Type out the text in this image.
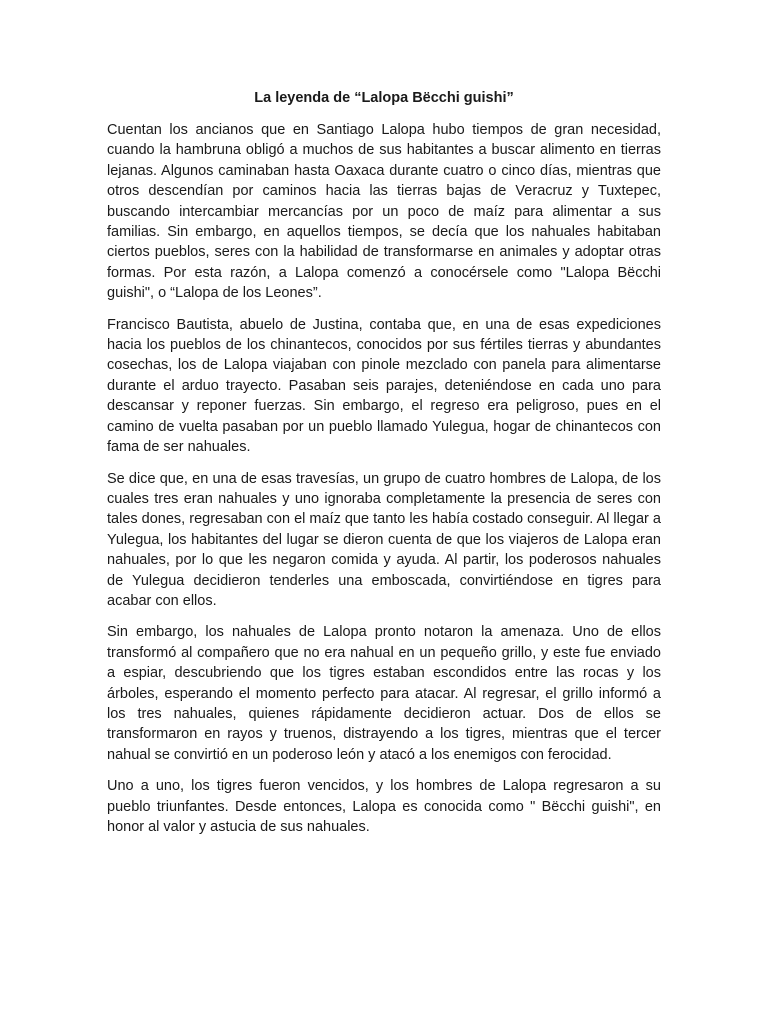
La leyenda de “Lalopa Bëcchi guishi”

Cuentan los ancianos que en Santiago Lalopa hubo tiempos de gran necesidad, cuando la hambruna obligó a muchos de sus habitantes a buscar alimento en tierras lejanas. Algunos caminaban hasta Oaxaca durante cuatro o cinco días, mientras que otros descendían por caminos hacia las tierras bajas de Veracruz y Tuxtepec, buscando intercambiar mercancías por un poco de maíz para alimentar a sus familias. Sin embargo, en aquellos tiempos, se decía que los nahuales habitaban ciertos pueblos, seres con la habilidad de transformarse en animales y adoptar otras formas. Por esta razón, a Lalopa comenzó a conocérsele como "Lalopa Bëcchi guishi", o “Lalopa de los Leones”.

Francisco Bautista, abuelo de Justina, contaba que, en una de esas expediciones hacia los pueblos de los chinantecos, conocidos por sus fértiles tierras y abundantes cosechas, los de Lalopa viajaban con pinole mezclado con panela para alimentarse durante el arduo trayecto. Pasaban seis parajes, deteniéndose en cada uno para descansar y reponer fuerzas. Sin embargo, el regreso era peligroso, pues en el camino de vuelta pasaban por un pueblo llamado Yulegua, hogar de chinantecos con fama de ser nahuales.

Se dice que, en una de esas travesías, un grupo de cuatro hombres de Lalopa, de los cuales tres eran nahuales y uno ignoraba completamente la presencia de seres con tales dones, regresaban con el maíz que tanto les había costado conseguir. Al llegar a Yulegua, los habitantes del lugar se dieron cuenta de que los viajeros de Lalopa eran nahuales, por lo que les negaron comida y ayuda. Al partir, los poderosos nahuales de Yulegua decidieron tenderles una emboscada, convirtiéndose en tigres para acabar con ellos.

Sin embargo, los nahuales de Lalopa pronto notaron la amenaza. Uno de ellos transformó al compañero que no era nahual en un pequeño grillo, y este fue enviado a espiar, descubriendo que los tigres estaban escondidos entre las rocas y los árboles, esperando el momento perfecto para atacar. Al regresar, el grillo informó a los tres nahuales, quienes rápidamente decidieron actuar. Dos de ellos se transformaron en rayos y truenos, distrayendo a los tigres, mientras que el tercer nahual se convirtió en un poderoso león y atacó a los enemigos con ferocidad.

Uno a uno, los tigres fueron vencidos, y los hombres de Lalopa regresaron a su pueblo triunfantes. Desde entonces, Lalopa es conocida como " Bëcchi guishi", en honor al valor y astucia de sus nahuales.
